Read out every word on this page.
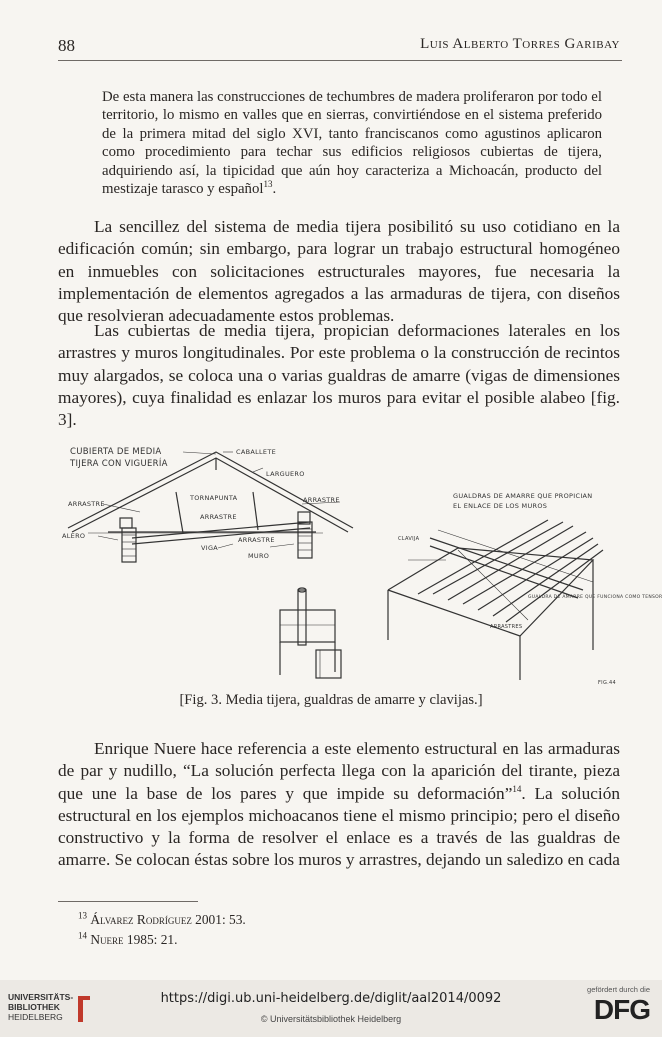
88	Luis Alberto Torres Garibay
De esta manera las construcciones de techumbres de madera proliferaron por todo el territorio, lo mismo en valles que en sierras, convirtiéndose en el sistema preferido de la primera mitad del siglo XVI, tanto franciscanos como agustinos aplicaron como procedimiento para techar sus edificios religiosos cubiertas de tijera, adquiriendo así, la tipicidad que aún hoy caracteriza a Michoacán, producto del mestizaje tarasco y español$^{13}$.
La sencillez del sistema de media tijera posibilitó su uso cotidiano en la edificación común; sin embargo, para lograr un trabajo estructural homogéneo en inmuebles con solicitaciones estructurales mayores, fue necesaria la implementación de elementos agregados a las armaduras de tijera, con diseños que resolvieran adecuadamente estos problemas.
Las cubiertas de media tijera, propician deformaciones laterales en los arrastres y muros longitudinales. Por este problema o la construcción de recintos muy alargados, se coloca una o varias gualdras de amarre (vigas de dimensiones mayores), cuya finalidad es enlazar los muros para evitar el posible alabeo [fig. 3].
CUBIERTA DE MEDIA
TIJERA CON VIGUERÍA
CABALLETE
LARGUERO
ARRASTRE
TORNAPUNTA	ARRASTRE
ARRASTRE
ALERO
VIGA
ARRASTRE
MURO
GUALDRAS DE AMARRE QUE PROPICIAN
EL ENLACE DE LOS MUROS
CLAVIJA
GUALDRA DE AMARRE QUE FUNCIONA COMO TENSOR
ARRASTRES
FIG.44
[Fig. 3. Media tijera, gualdras de amarre y clavijas.]
Enrique Nuere hace referencia a este elemento estructural en las armaduras de par y nudillo, “La solución perfecta llega con la aparición del tirante, pieza que une la base de los pares y que impide su deformación”$^{14}$. La solución estructural en los ejemplos michoacanos tiene el mismo principio; pero el diseño constructivo y la forma de resolver el enlace es a través de las gualdras de amarre. Se colocan éstas sobre los muros y arrastres, dejando un saledizo en cada
$^{13}$ Álvarez Rodríguez 2001: 53.
$^{14}$ Nuere 1985: 21.
UNIVERSITÄTS-
BIBLIOTHEK
HEIDELBERG
https://digi.ub.uni-heidelberg.de/diglit/aal2014/0092
© Universitätsbibliothek Heidelberg
gefördert durch die
DFG
